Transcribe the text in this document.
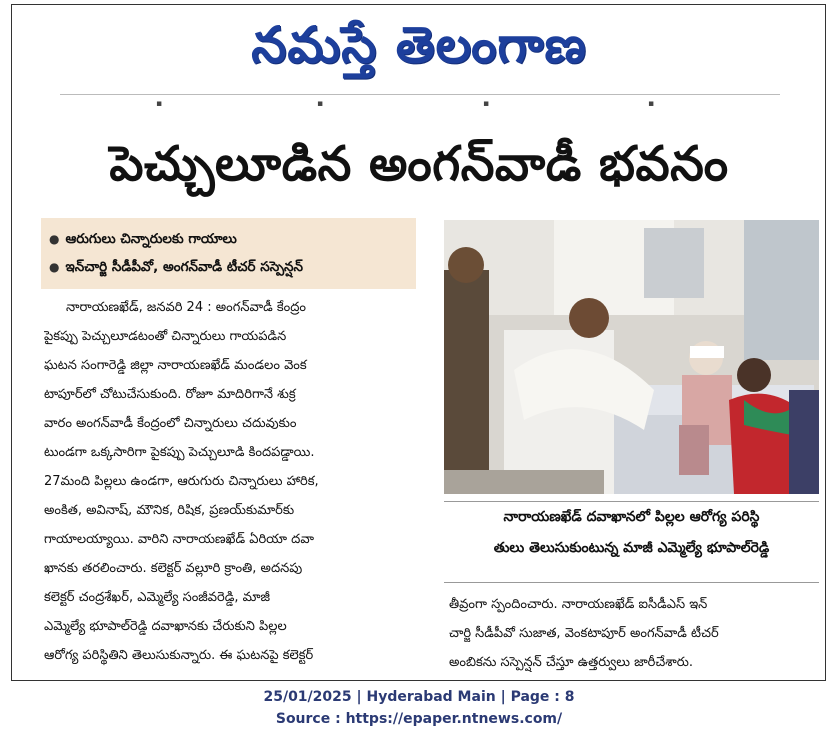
నమస్తే తెలంగాణ
▪	▪	▪	▪
పెచ్చులూడిన అంగన్‌వాడీ భవనం
● ఆరుగులు చిన్నారులకు గాయాలు
● ఇన్‌చార్జి సీడీపీవో, అంగన్‌వాడీ టీచర్ సస్పెన్షన్
నారాయణఖేడ్, జనవరి 24 : అంగన్‌వాడీ కేంద్రం
పైకప్పు పెచ్చులూడటంతో చిన్నారులు గాయపడిన
ఘటన సంగారెడ్డి జిల్లా నారాయణఖేడ్ మండలం వెంక
టాపూర్‌లో చోటుచేసుకుంది. రోజూ మాదిరిగానే శుక్ర
వారం అంగన్‌వాడీ కేంద్రంలో చిన్నారులు చదువుకుం
టుండగా ఒక్కసారిగా పైకప్పు పెచ్చులూడి కిందపడ్డాయి.
27మంది పిల్లలు ఉండగా, ఆరుగురు చిన్నారులు హారిక,
అంకిత, అవినాష్, మౌనిక, రిషిక, ప్రణయ్‌కుమార్‌కు
గాయాలయ్యాయి. వారిని నారాయణఖేడ్ ఏరియా దవా
ఖానకు తరలించారు. కలెక్టర్ వల్లూరి క్రాంతి, అదనపు
కలెక్టర్ చంద్రశేఖర్, ఎమ్మెల్యే సంజీవరెడ్డి, మాజీ
ఎమ్మెల్యే భూపాల్‌రెడ్డి దవాఖానకు చేరుకుని పిల్లల
ఆరోగ్య పరిస్థితిని తెలుసుకున్నారు. ఈ ఘటనపై కలెక్టర్
నారాయణఖేడ్ దవాఖానలో పిల్లల ఆరోగ్య పరిస్థి
తులు తెలుసుకుంటున్న మాజీ ఎమ్మెల్యే భూపాల్‌రెడ్డి
తీవ్రంగా స్పందించారు. నారాయణఖేడ్ ఐసీడీఎస్ ఇన్
చార్జి సీడీపీవో సుజాత, వెంకటాపూర్ అంగన్‌వాడీ టీచర్
అంబికను సస్పెన్షన్ చేస్తూ ఉత్తర్వులు జారీచేశారు.
25/01/2025 | Hyderabad Main | Page : 8
Source : https://epaper.ntnews.com/
